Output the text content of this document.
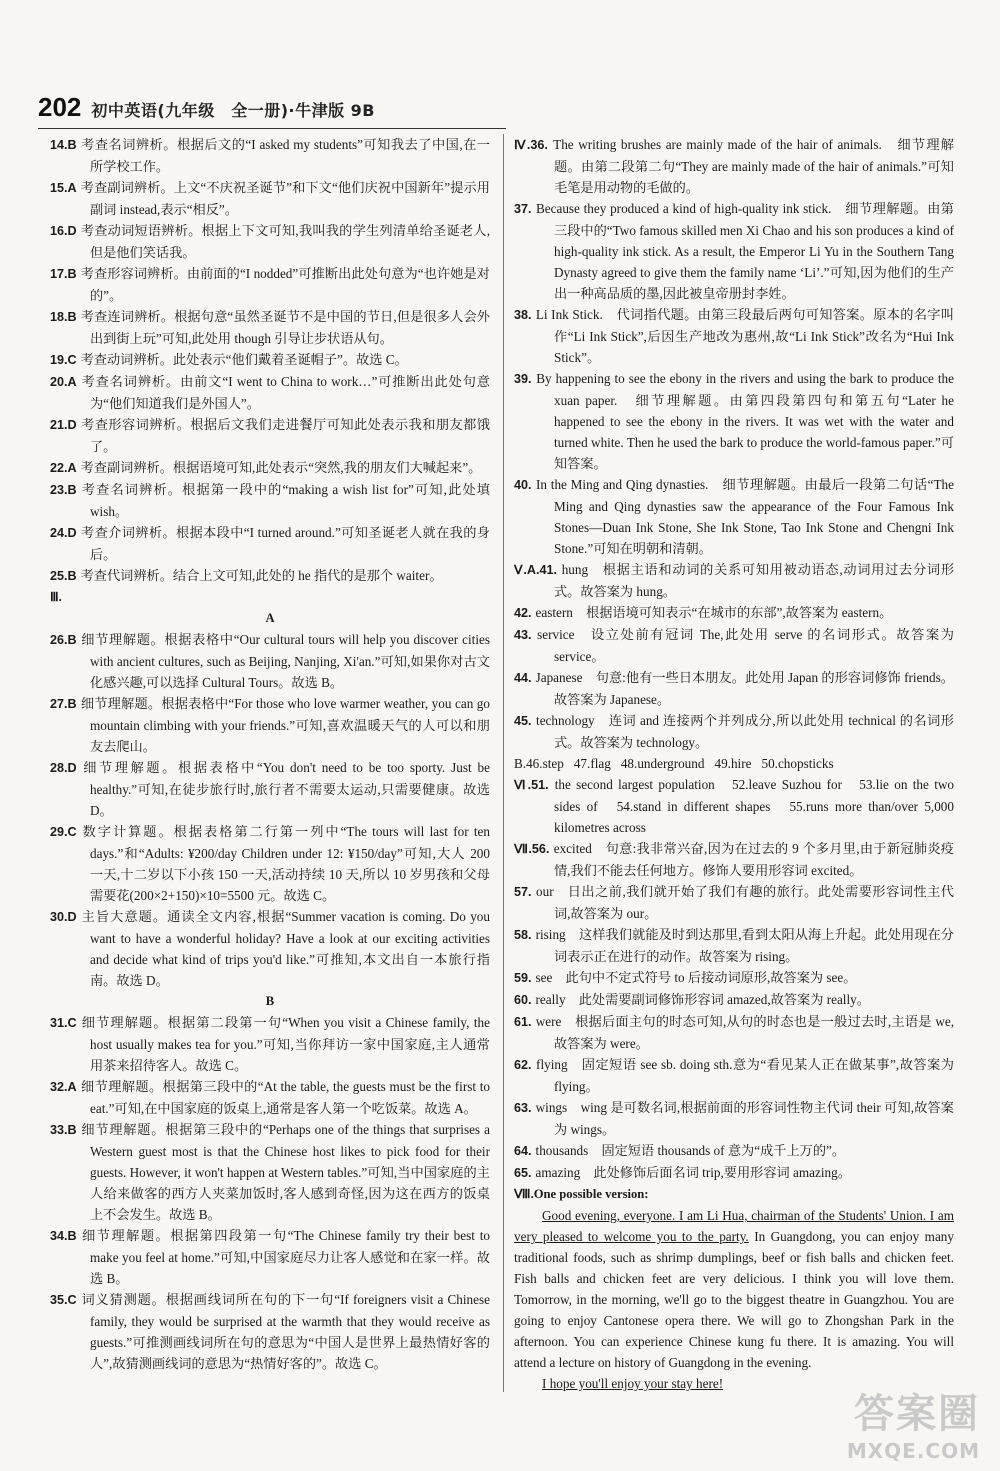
202 初中英语(九年级　全一册)·牛津版 9B

14.B 考查名词辨析。根据后文的“I asked my students”可知我去了中国,在一所学校工作。

15.A 考查副词辨析。上文“不庆祝圣诞节”和下文“他们庆祝中国新年”提示用副词 instead,表示“相反”。

16.D 考查动词短语辨析。根据上下文可知,我叫我的学生列清单给圣诞老人,但是他们笑话我。

17.B 考查形容词辨析。由前面的“I nodded”可推断出此处句意为“也许她是对的”。

18.B 考查连词辨析。根据句意“虽然圣诞节不是中国的节日,但是很多人会外出到街上玩”可知,此处用 though 引导让步状语从句。

19.C 考查动词辨析。此处表示“他们戴着圣诞帽子”。故选 C。

20.A 考查名词辨析。由前文“I went to China to work…”可推断出此处句意为“他们知道我们是外国人”。

21.D 考查形容词辨析。根据后文我们走进餐厅可知此处表示我和朋友都饿了。

22.A 考查副词辨析。根据语境可知,此处表示“突然,我的朋友们大喊起来”。

23.B 考查名词辨析。根据第一段中的“making a wish list for”可知,此处填 wish。

24.D 考查介词辨析。根据本段中“I turned around.”可知圣诞老人就在我的身后。

25.B 考查代词辨析。结合上文可知,此处的 he 指代的是那个 waiter。

Ⅲ.

A

26.B 细节理解题。根据表格中“Our cultural tours will help you discover cities with ancient cultures, such as Beijing, Nanjing, Xi'an.”可知,如果你对古文化感兴趣,可以选择 Cultural Tours。故选 B。

27.B 细节理解题。根据表格中“For those who love warmer weather, you can go mountain climbing with your friends.”可知,喜欢温暖天气的人可以和朋友去爬山。

28.D 细节理解题。根据表格中“You don't need to be too sporty. Just be healthy.”可知,在徒步旅行时,旅行者不需要太运动,只需要健康。故选 D。

29.C 数字计算题。根据表格第二行第一列中“The tours will last for ten days.”和“Adults: ¥200/day Children under 12: ¥150/day”可知,大人 200 一天,十二岁以下小孩 150 一天,活动持续 10 天,所以 10 岁男孩和父母需要花(200×2+150)×10=5500 元。故选 C。

30.D 主旨大意题。通读全文内容,根据“Summer vacation is coming. Do you want to have a wonderful holiday? Have a look at our exciting activities and decide what kind of trips you'd like.”可推知,本文出自一本旅行指南。故选 D。

B

31.C 细节理解题。根据第二段第一句“When you visit a Chinese family, the host usually makes tea for you.”可知,当你拜访一家中国家庭,主人通常用茶来招待客人。故选 C。

32.A 细节理解题。根据第三段中的“At the table, the guests must be the first to eat.”可知,在中国家庭的饭桌上,通常是客人第一个吃饭菜。故选 A。

33.B 细节理解题。根据第三段中的“Perhaps one of the things that surprises a Western guest most is that the Chinese host likes to pick food for their guests. However, it won't happen at Western tables.”可知,当中国家庭的主人给来做客的西方人夹菜加饭时,客人感到奇怪,因为这在西方的饭桌上不会发生。故选 B。

34.B 细节理解题。根据第四段第一句“The Chinese family try their best to make you feel at home.”可知,中国家庭尽力让客人感觉和在家一样。故选 B。

35.C 词义猜测题。根据画线词所在句的下一句“If foreigners visit a Chinese family, they would be surprised at the warmth that they would receive as guests.”可推测画线词所在句的意思为“中国人是世界上最热情好客的人”,故猜测画线词的意思为“热情好客的”。故选 C。

Ⅳ.36. The writing brushes are mainly made of the hair of animals.　细节理解题。由第二段第二句“They are mainly made of the hair of animals.”可知毛笔是用动物的毛做的。

37. Because they produced a kind of high-quality ink stick.　细节理解题。由第三段中的“Two famous skilled men Xi Chao and his son produces a kind of high-quality ink stick. As a result, the Emperor Li Yu in the Southern Tang Dynasty agreed to give them the family name ‘Li’.”可知,因为他们的生产出一种高品质的墨,因此被皇帝册封李姓。

38. Li Ink Stick.　代词指代题。由第三段最后两句可知答案。原本的名字叫作“Li Ink Stick”,后因生产地改为惠州,故“Li Ink Stick”改名为“Hui Ink Stick”。

39. By happening to see the ebony in the rivers and using the bark to produce the xuan paper.　细节理解题。由第四段第四句和第五句“Later he happened to see the ebony in the rivers. It was wet with the water and turned white. Then he used the bark to produce the world-famous paper.”可知答案。

40. In the Ming and Qing dynasties.　细节理解题。由最后一段第二句话“The Ming and Qing dynasties saw the appearance of the Four Famous Ink Stones—Duan Ink Stone, She Ink Stone, Tao Ink Stone and Chengni Ink Stone.”可知在明朝和清朝。

Ⅴ.A.41. hung　根据主语和动词的关系可知用被动语态,动词用过去分词形式。故答案为 hung。

42. eastern　根据语境可知表示“在城市的东部”,故答案为 eastern。

43. service　设立处前有冠词 The,此处用 serve 的名词形式。故答案为 service。

44. Japanese　句意:他有一些日本朋友。此处用 Japan 的形容词修饰 friends。故答案为 Japanese。

45. technology　连词 and 连接两个并列成分,所以此处用 technical 的名词形式。故答案为 technology。

B.46.step 47.flag 48.underground 49.hire 50.chopsticks

Ⅵ.51. the second largest population　52.leave Suzhou for　53.lie on the two sides of　54.stand in different shapes　55.runs more than/over 5,000 kilometres across

Ⅶ.56. excited　句意:我非常兴奋,因为在过去的 9 个多月里,由于新冠肺炎疫情,我们不能去任何地方。修饰人要用形容词 excited。

57. our　日出之前,我们就开始了我们有趣的旅行。此处需要形容词性主代词,故答案为 our。

58. rising　这样我们就能及时到达那里,看到太阳从海上升起。此处用现在分词表示正在进行的动作。故答案为 rising。

59. see　此句中不定式符号 to 后接动词原形,故答案为 see。

60. really　此处需要副词修饰形容词 amazed,故答案为 really。

61. were　根据后面主句的时态可知,从句的时态也是一般过去时,主语是 we,故答案为 were。

62. flying　固定短语 see sb. doing sth.意为“看见某人正在做某事”,故答案为 flying。

63. wings　wing 是可数名词,根据前面的形容词性物主代词 their 可知,故答案为 wings。

64. thousands　固定短语 thousands of 意为“成千上万的”。

65. amazing　此处修饰后面名词 trip,要用形容词 amazing。

Ⅷ.One possible version:

Good evening, everyone. I am Li Hua, chairman of the Students' Union. I am very pleased to welcome you to the party. In Guangdong, you can enjoy many traditional foods, such as shrimp dumplings, beef or fish balls and chicken feet. Fish balls and chicken feet are very delicious. I think you will love them. Tomorrow, in the morning, we'll go to the biggest theatre in Guangzhou. You are going to enjoy Cantonese opera there. We will go to Zhongshan Park in the afternoon. You can experience Chinese kung fu there. It is amazing. You will attend a lecture on history of Guangdong in the evening.

I hope you'll enjoy your stay here!

答案圈
MXQE.COM
